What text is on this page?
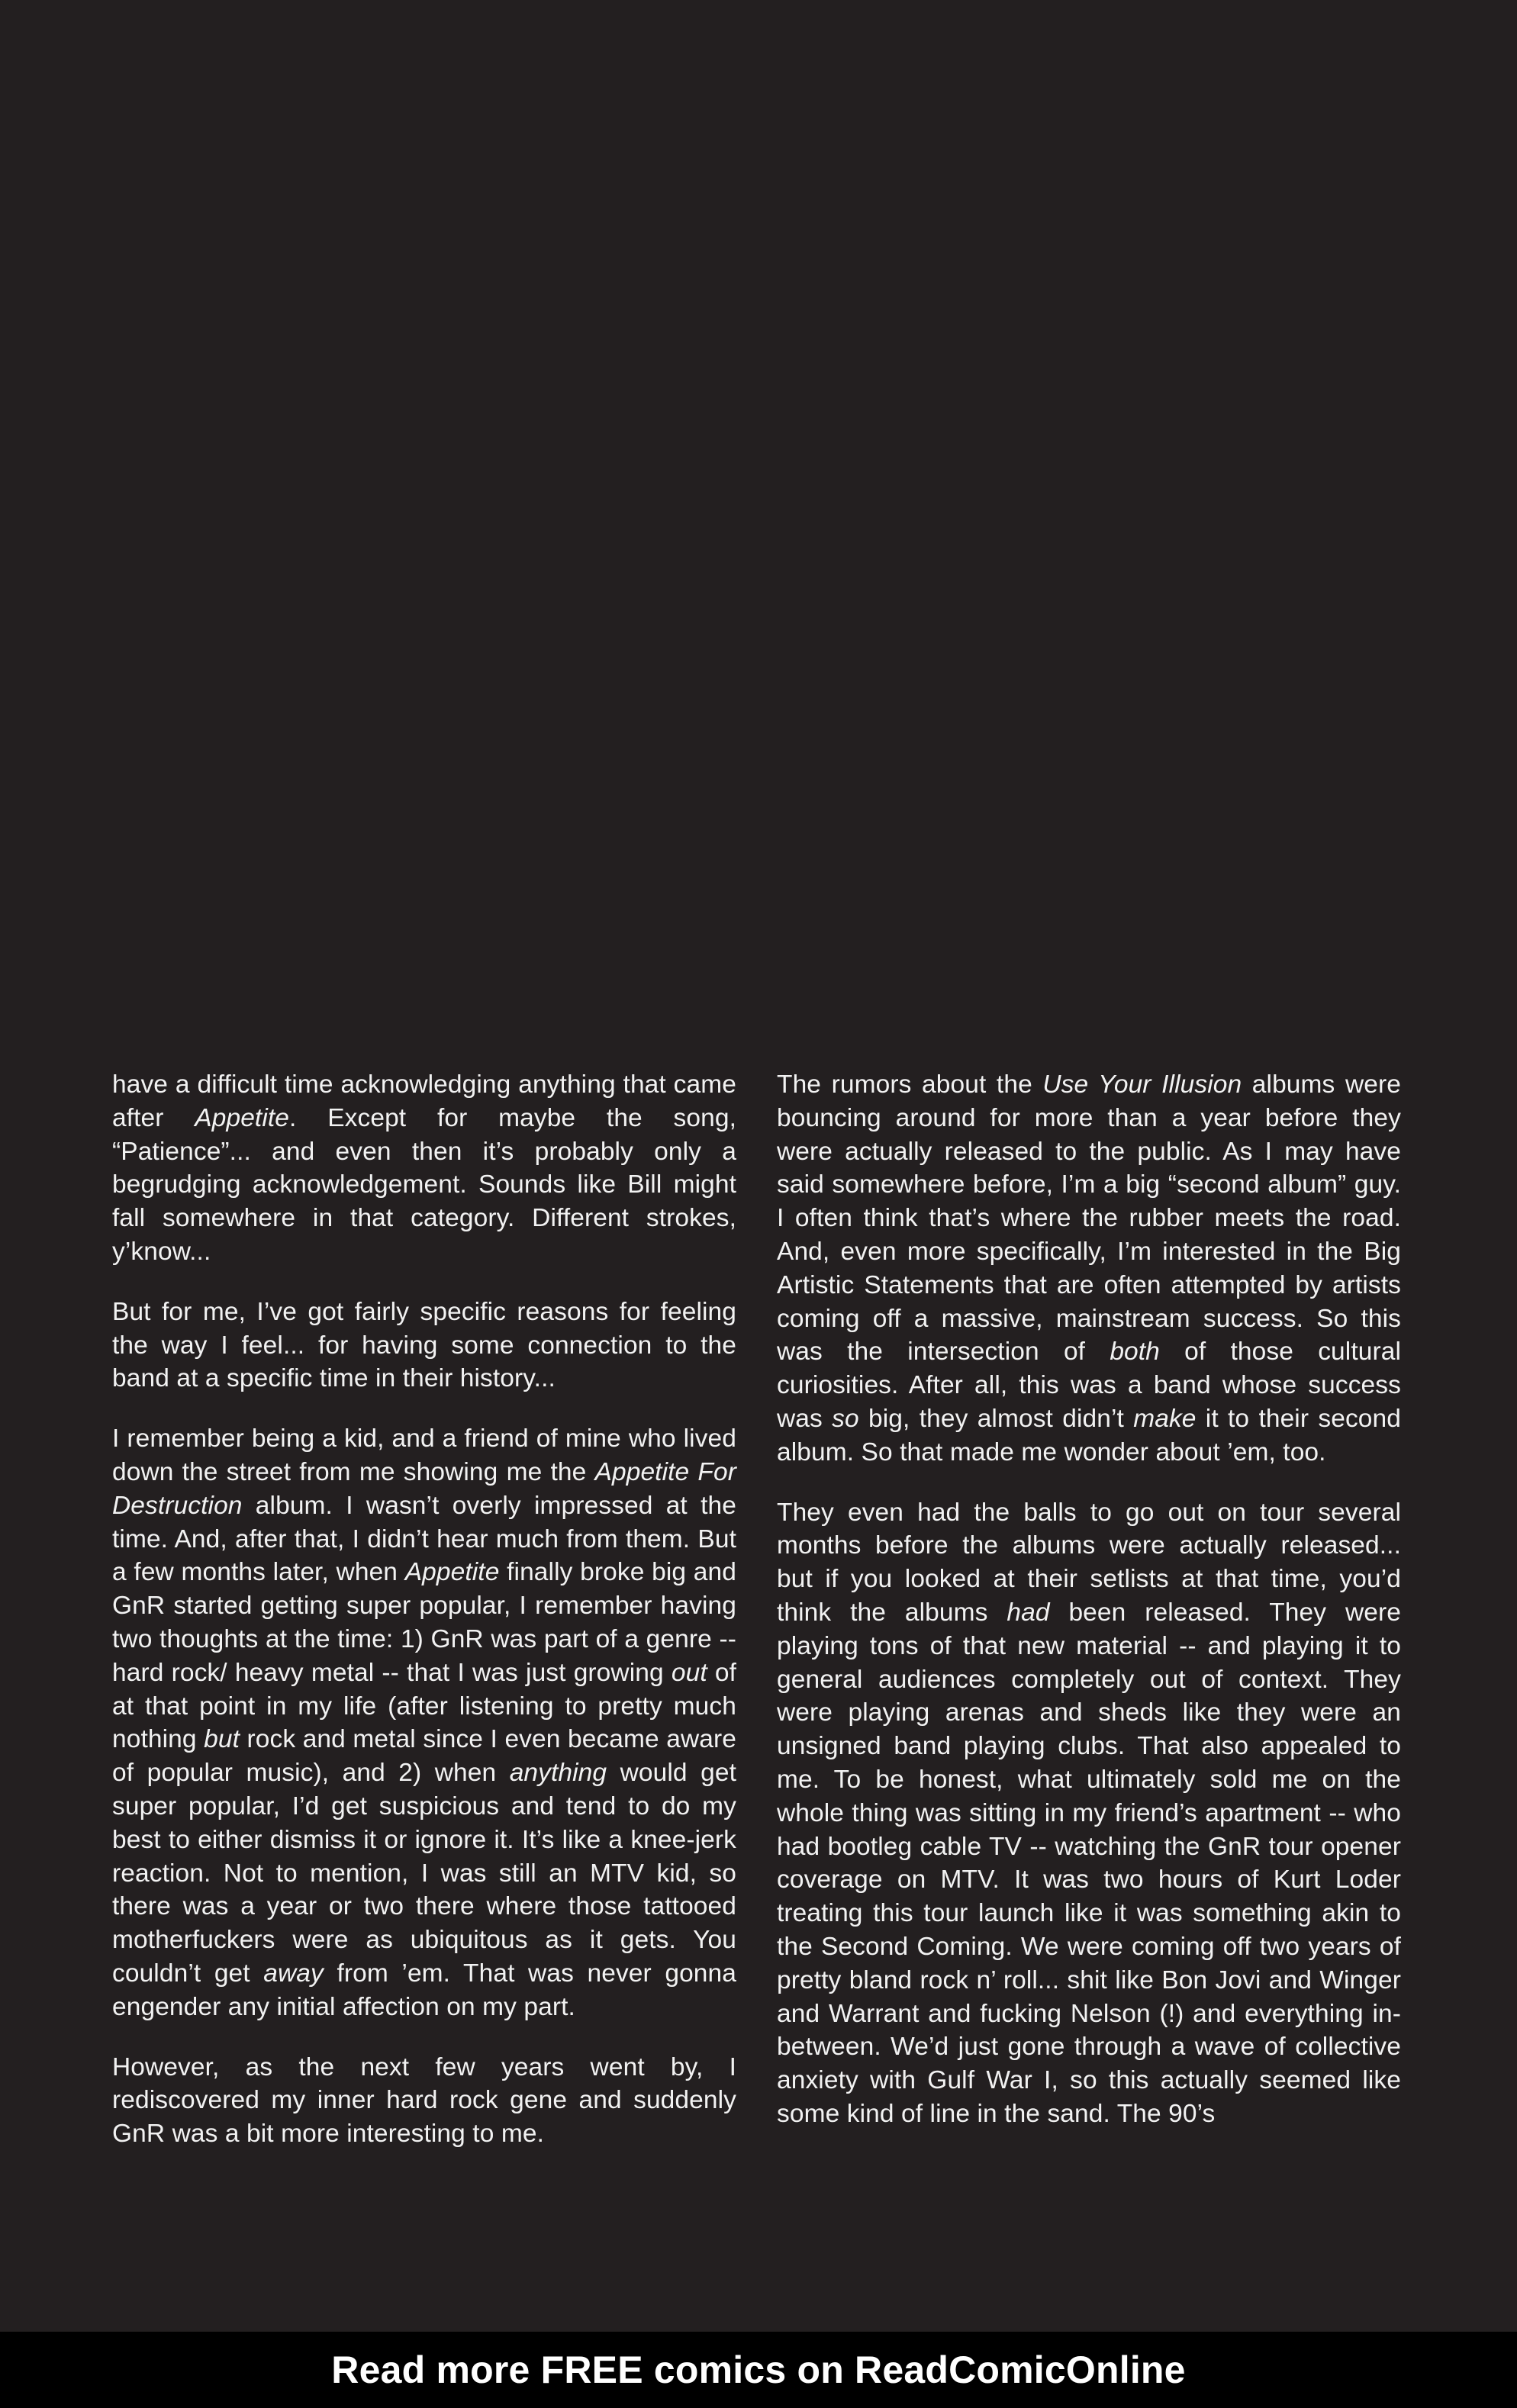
have a difficult time acknowledging anything that came after Appetite. Except for maybe the song, “Patience”... and even then it’s probably only a begrudging acknowledgement. Sounds like Bill might fall somewhere in that category. Different strokes, y’know...

But for me, I’ve got fairly specific reasons for feeling the way I feel... for having some connection to the band at a specific time in their history...

I remember being a kid, and a friend of mine who lived down the street from me showing me the Appetite For Destruction album. I wasn’t overly impressed at the time. And, after that, I didn’t hear much from them. But a few months later, when Appetite finally broke big and GnR started getting super popular, I remember having two thoughts at the time: 1) GnR was part of a genre -- hard rock/ heavy metal -- that I was just growing out of at that point in my life (after listening to pretty much nothing but rock and metal since I even became aware of popular music), and 2) when anything would get super popular, I’d get suspicious and tend to do my best to either dismiss it or ignore it. It’s like a knee-jerk reaction. Not to mention, I was still an MTV kid, so there was a year or two there where those tattooed motherfuckers were as ubiquitous as it gets. You couldn’t get away from ’em. That was never gonna engender any initial affection on my part.

However, as the next few years went by, I rediscovered my inner hard rock gene and suddenly GnR was a bit more interesting to me.

The rumors about the Use Your Illusion albums were bouncing around for more than a year before they were actually released to the public. As I may have said somewhere before, I’m a big “second album” guy. I often think that’s where the rubber meets the road. And, even more specifically, I’m interested in the Big Artistic Statements that are often attempted by artists coming off a massive, mainstream success. So this was the intersection of both of those cultural curiosities. After all, this was a band whose success was so big, they almost didn’t make it to their second album. So that made me wonder about ’em, too.

They even had the balls to go out on tour several months before the albums were actually released... but if you looked at their setlists at that time, you’d think the albums had been released. They were playing tons of that new material -- and playing it to general audiences completely out of context. They were playing arenas and sheds like they were an unsigned band playing clubs. That also appealed to me. To be honest, what ultimately sold me on the whole thing was sitting in my friend’s apartment -- who had bootleg cable TV -- watching the GnR tour opener coverage on MTV. It was two hours of Kurt Loder treating this tour launch like it was something akin to the Second Coming. We were coming off two years of pretty bland rock n’ roll... shit like Bon Jovi and Winger and Warrant and fucking Nelson (!) and everything in-between. We’d just gone through a wave of collective anxiety with Gulf War I, so this actually seemed like some kind of line in the sand. The 90’s

Read more FREE comics on ReadComicOnline
